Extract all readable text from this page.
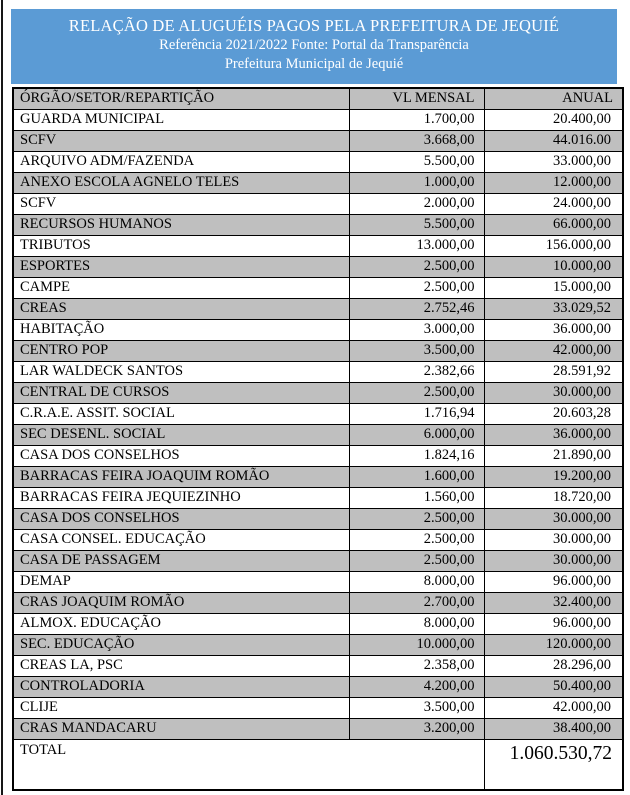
RELAÇÃO DE ALUGUÉIS PAGOS PELA PREFEITURA DE JEQUIÉ
Referência 2021/2022 Fonte: Portal da Transparência
Prefeitura Municipal de Jequié
ÓRGÃO/SETOR/REPARTIÇÃO	VL MENSAL	ANUAL
GUARDA MUNICIPAL	1.700,00	20.400,00
SCFV	3.668,00	44.016.00
ARQUIVO ADM/FAZENDA	5.500,00	33.000,00
ANEXO ESCOLA AGNELO TELES	1.000,00	12.000,00
SCFV	2.000,00	24.000,00
RECURSOS HUMANOS	5.500,00	66.000,00
TRIBUTOS	13.000,00	156.000,00
ESPORTES	2.500,00	10.000,00
CAMPE	2.500,00	15.000,00
CREAS	2.752,46	33.029,52
HABITAÇÃO	3.000,00	36.000,00
CENTRO POP	3.500,00	42.000,00
LAR WALDECK SANTOS	2.382,66	28.591,92
CENTRAL DE CURSOS	2.500,00	30.000,00
C.R.A.E. ASSIT. SOCIAL	1.716,94	20.603,28
SEC DESENL. SOCIAL	6.000,00	36.000,00
CASA DOS CONSELHOS	1.824,16	21.890,00
BARRACAS FEIRA JOAQUIM ROMÃO	1.600,00	19.200,00
BARRACAS FEIRA JEQUIEZINHO	1.560,00	18.720,00
CASA DOS CONSELHOS	2.500,00	30.000,00
CASA CONSEL. EDUCAÇÃO	2.500,00	30.000,00
CASA DE PASSAGEM	2.500,00	30.000,00
DEMAP	8.000,00	96.000,00
CRAS JOAQUIM ROMÃO	2.700,00	32.400,00
ALMOX. EDUCAÇÃO	8.000,00	96.000,00
SEC. EDUCAÇÃO	10.000,00	120.000,00
CREAS LA, PSC	2.358,00	28.296,00
CONTROLADORIA	4.200,00	50.400,00
CLIJE	3.500,00	42.000,00
CRAS MANDACARU	3.200,00	38.400,00
TOTAL		1.060.530,72
